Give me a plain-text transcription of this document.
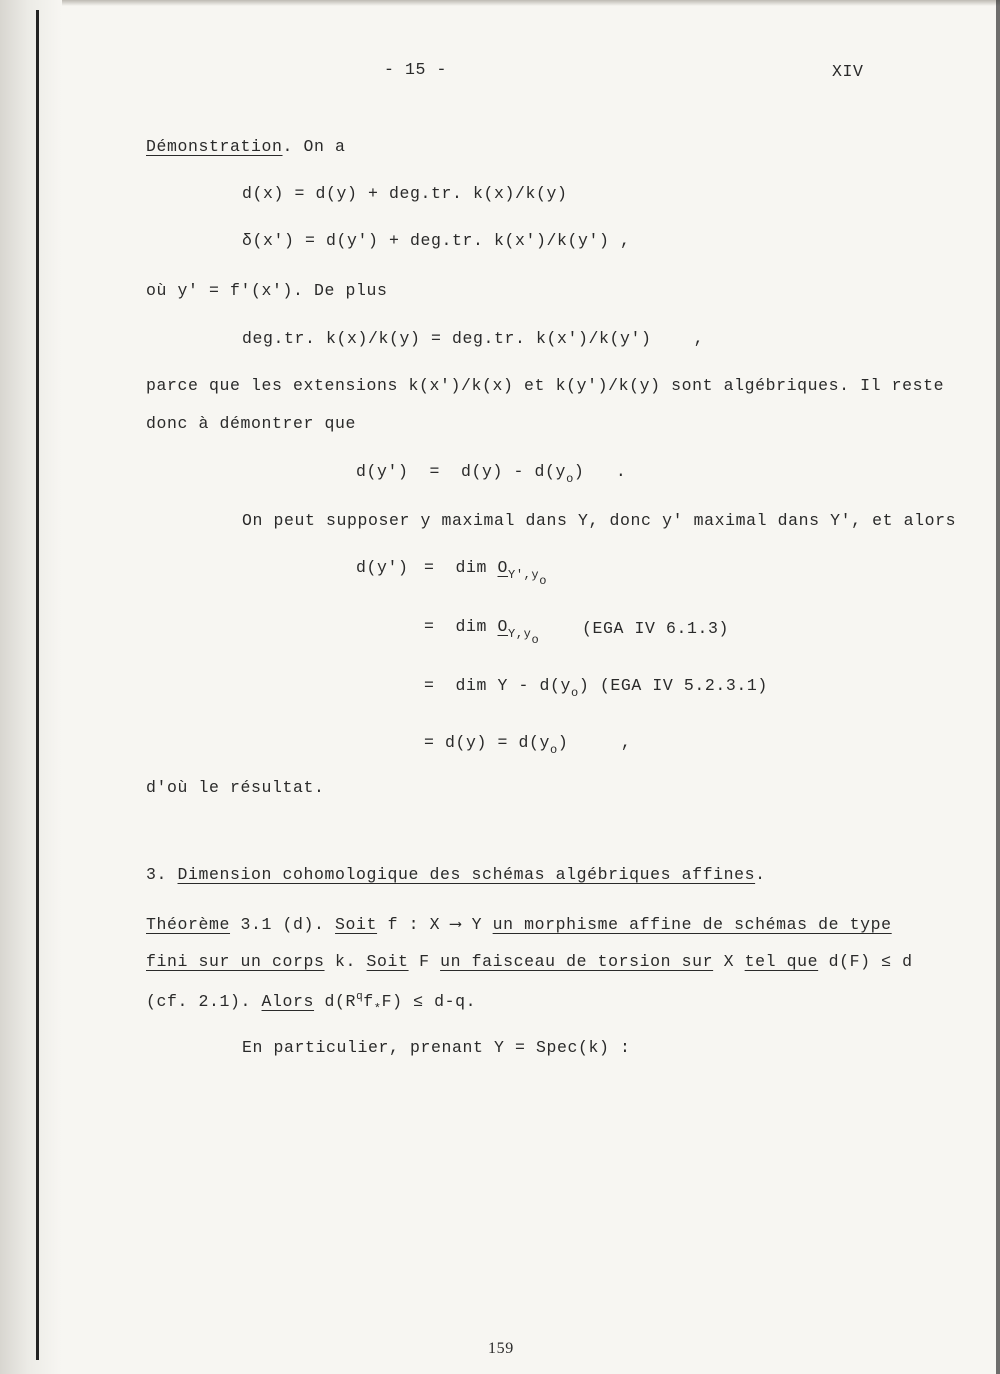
- 15 -	XIV
Démonstration. On a
d(x) = d(y) + deg.tr. k(x)/k(y)
δ(x') = d(y') + deg.tr. k(x')/k(y') ,
où y' = f'(x'). De plus
deg.tr. k(x)/k(y) = deg.tr. k(x')/k(y')    ,
parce que les extensions k(x')/k(x) et k(y')/k(y) sont algébriques. Il reste
donc à démontrer que
$d(y') = d(y) - d(y_o)$   .
On peut supposer y maximal dans Y, donc y' maximal dans Y', et alors
d(y') =  dim $O_{Y',yo}$
=  dim $O_{Y,yo}$
(EGA IV 6.1.3)
=  dim Y - $d(y_o)$ (EGA IV 5.2.3.1)
= $d(y) = d(y_o)$     ,
d'où le résultat.
3. Dimension cohomologique des schémas algébriques affines.
Théorème 3.1 (d). Soit f : X ⟶ Y un morphisme affine de schémas de type
fini sur un corps k. Soit F un faisceau de torsion sur X tel que d(F) ≤ d
(cf. 2.1). Alors $d(R^qf_*F) \le d-q$.
En particulier, prenant Y = Spec(k) :
159
